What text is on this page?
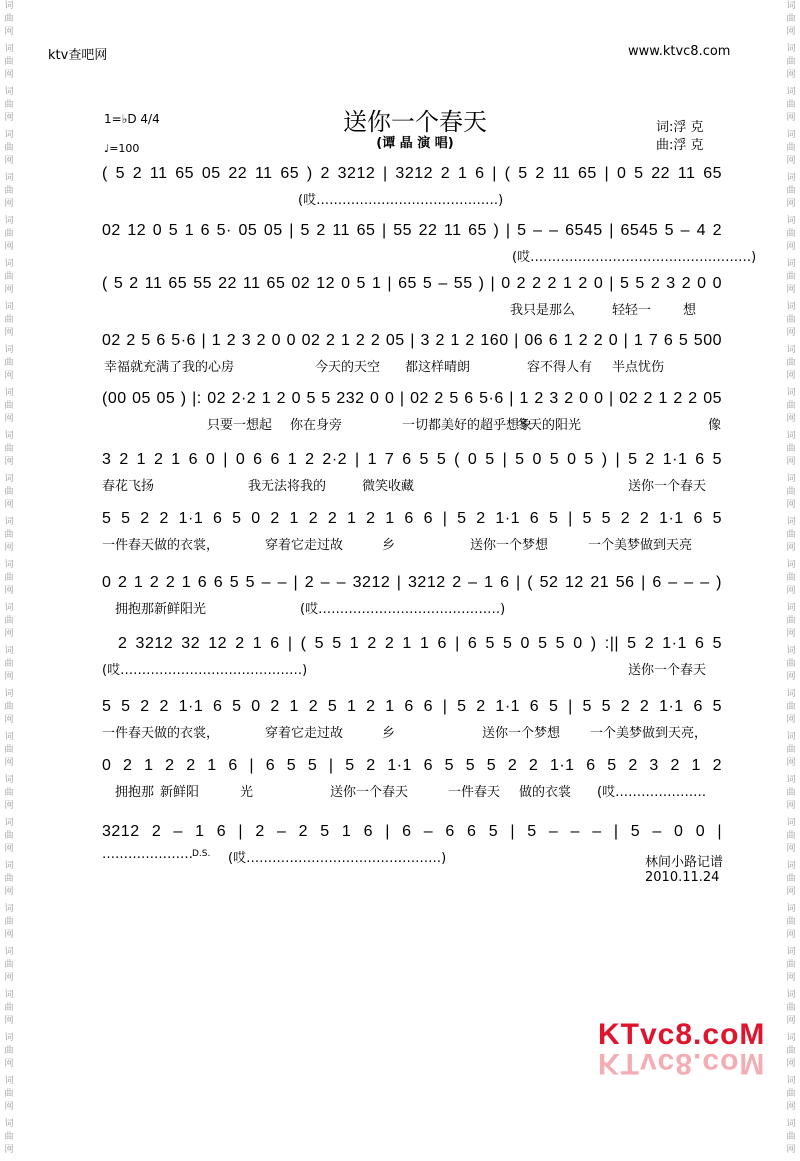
词
曲
网
词
曲
网
词
曲
网
词
曲
网
词
曲
网
词
曲
网
词
曲
网
词
曲
网
词
曲
网
词
曲
网
词
曲
网
词
曲
网
词
曲
网
词
曲
网
词
曲
网
词
曲
网
词
曲
网
词
曲
网
词
曲
网
词
曲
网
词
曲
网
词
曲
网
词
曲
网
词
曲
网
词
曲
网
词
曲
网
词
曲
网
词
曲
网
词
曲
网
词
曲
网
词
曲
网
词
曲
网
词
曲
网
词
曲
网
词
曲
网
词
曲
网
词
曲
网
词
曲
网
词
曲
网
词
曲
网
词
曲
网
词
曲
网
词
曲
网
词
曲
网
词
曲
网
词
曲
网
词
曲
网
词
曲
网
词
曲
网
词
曲
网
词
曲
网
词
曲
网
词
曲
网
词
曲
网
ktv查吧网	www.ktvc8.com
送你一个春天
(谭 晶 演 唱)
词:浮 克
曲:浮 克
1=♭D 4/4
♩=100
( 5 2 11 65 05 22 11 65 ) 2 3212 | 3212 2 1 6 | ( 5 2 11 65 | 0 5 22 11 65
(哎……………………………………)
02 12 0 5 1 6 5· 05 05 | 5 2 11 65 | 55 22 11 65 ) | 5 – – 6545 | 6545 5 – 4 2
(哎……………………………………………)
( 5 2 11 65 55 22 11 65 02 12 0 5 1 | 65 5 – 55 ) | 0 2 2 2 1 2 0 | 5 5 2 3 2 0 0
我只是那么	轻轻一 想
02 2 5 6 5·6 | 1 2 3 2 0 0 02 2 1 2 2 05 | 3 2 1 2 160 | 06 6 1 2 2 0 | 1 7 6 5 500
幸福就充满了我的心房	今天的天空 都这样晴朗	容不得人有 半点忧伤
(00 05 05 ) |: 02 2·2 1 2 0 5 5 232 0 0 | 02 2 5 6 5·6 | 1 2 3 2 0 0 | 02 2 1 2 2 05
只要一想起 你在身旁	一切都美好的超乎想象
冬天的阳光	像
3 2 1 2 1 6 0 | 0 6 6 1 2 2·2 | 1 7 6 5 5 ( 0 5 | 5 0 5 0 5 ) | 5 2 1·1 6 5
春花飞扬	我无法将我的	微笑收藏	送你一个春天
5 5 2 2 1·1 6 5 0 2 1 2 2 1 2 1 6 6 | 5 2 1·1 6 5 | 5 5 2 2 1·1 6 5
一件春天做的衣裳，	穿着它走过故	乡	送你一个梦想	一个美梦做到天亮
0 2 1 2 2 1 6 6 5 5 – – | 2 – – 3212 | 3212 2 – 1 6 | ( 52 12 21 56 | 6 – – – )
拥抱那新鲜阳光	(哎……………………………………)
2 3212 32 12 2 1 6 | ( 5 5 1 2 2 1 1 6 | 6 5 5 0 5 5 0 ) :|| 5 2 1·1 6 5
(哎……………………………………)	送你一个春天
5 5 2 2 1·1 6 5 0 2 1 2 5 1 2 1 6 6 | 5 2 1·1 6 5 | 5 5 2 2 1·1 6 5
一件春天做的衣裳，	穿着它走过故	乡	送你一个梦想 一个美梦做到天亮，
0 2 1 2 2 1 6 | 6 5 5 | 5 2 1·1 6 5 5 5 2 2 1·1 6 5 2 3 2 1 2
拥抱那 新鲜阳	光	送你一个春天	一件春天 做的衣裳 (哎…………………
3212 2 – 1 6 | 2 – 2 5 1 6 | 6 – 6 6 5 | 5 – – – | 5 – 0 0 |
………………… D.S. (哎………………………………………)	林间小路记谱
2010.11.24
KTvc8.coM
KTvc8.coM
